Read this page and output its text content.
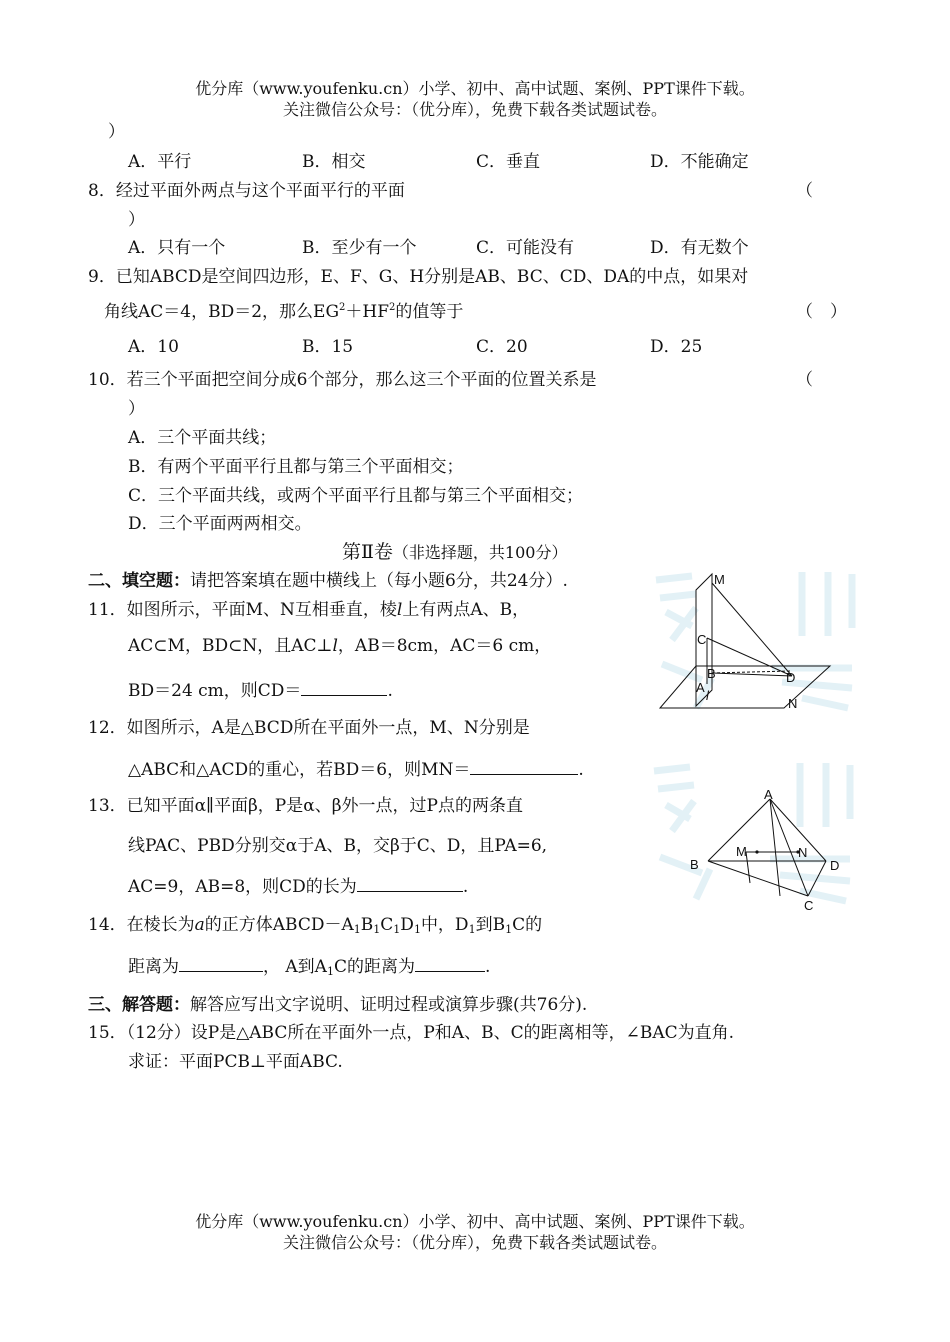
优分库（www.youfenku.cn）小学、初中、高中试题、案例、PPT课件下载。
关注微信公众号：（优分库），免费下载各类试题试卷。
）
A．平行	B．相交	C．垂直	D．不能确定
8．经过平面外两点与这个平面平行的平面	（
）
A．只有一个	B．至少有一个	C．可能没有	D．有无数个
9．已知ABCD是空间四边形，E、F、G、H分别是AB、BC、CD、DA的中点，如果对
角线AC＝4，BD＝2，那么$EG^2+HF^2$的值等于	（　）
A．10	B．15	C．20	D．25
10．若三个平面把空间分成6个部分，那么这三个平面的位置关系是	（
）
A．三个平面共线；
B．有两个平面平行且都与第三个平面相交；
C．三个平面共线，或两个平面平行且都与第三个平面相交；
D．三个平面两两相交。
第Ⅱ卷（非选择题，共100分）
二、填空题：请把答案填在题中横线上（每小题6分，共24分）.
11．如图所示，平面M、N互相垂直，棱l上有两点A、B，
AC⊂M，BD⊂N，且AC⊥l，AB＝8cm，AC＝6 cm，
BD＝24 cm，则CD＝	.
12．如图所示，A是△BCD所在平面外一点，M、N分别是
△ABC和△ACD的重心，若BD＝6，则MN＝	.
13．已知平面α∥平面β，P是α、β外一点，过P点的两条直
线PAC、PBD分别交α于A、B，交β于C、D，且PA=6,
AC=9，AB=8，则CD的长为	.
14．在棱长为a的正方体$ABCD-A_1B_1C_1D_1$中，$D_1$到$B_1C$的
距离为	， A到$A_1C$的距离为	.
三、解答题：解答应写出文字说明、证明过程或演算步骤(共76分).
15．（12分）设P是△ABC所在平面外一点，P和A、B、C的距离相等，∠BAC为直角.
求证：平面PCB⊥平面ABC.
M
C
B
A
l
D
N
A
B
M	N
D
C
优分库（www.youfenku.cn）小学、初中、高中试题、案例、PPT课件下载。
关注微信公众号：（优分库），免费下载各类试题试卷。
